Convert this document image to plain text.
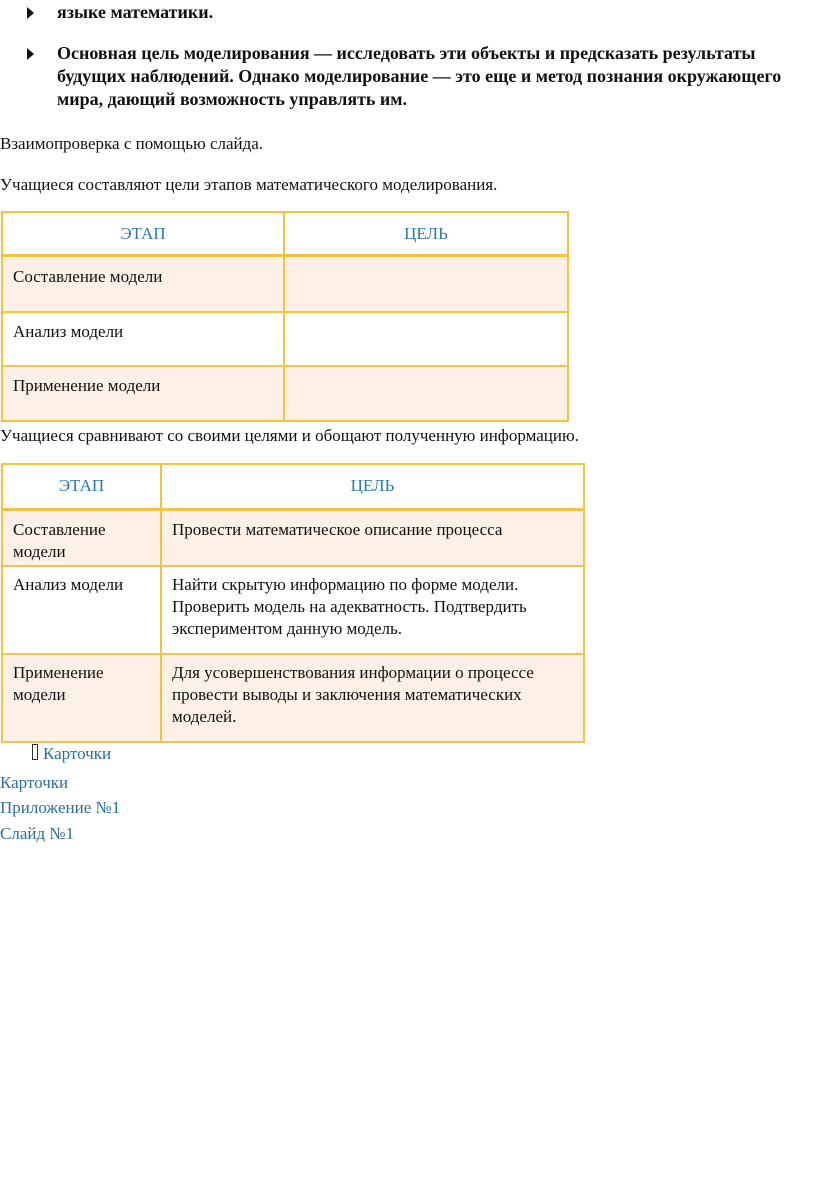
языке математики.
Основная цель моделирования — исследовать эти объекты и предсказать результаты будущих наблюдений. Однако моделирование — это еще и метод познания окружающего мира, дающий возможность управлять им.
Взаимопроверка с помощью слайда.
Учащиеся составляют цели этапов математического моделирования.
ЭТАП	ЦЕЛЬ
Составление модели	
Анализ модели	
Применение модели	
Учащиеся сравнивают со своими целями и обощают полученную информацию.
ЭТАП	ЦЕЛЬ
Составление модели	Провести математическое описание процесса
Анализ модели	Найти скрытую информацию по форме модели. Проверить модель на адекватность. Подтвердить экспериментом данную модель.
Применение модели	Для усовершенствования информации о процессе провести выводы и заключения математических моделей.
Карточки
Карточки
Приложение №1
Слайд №1
